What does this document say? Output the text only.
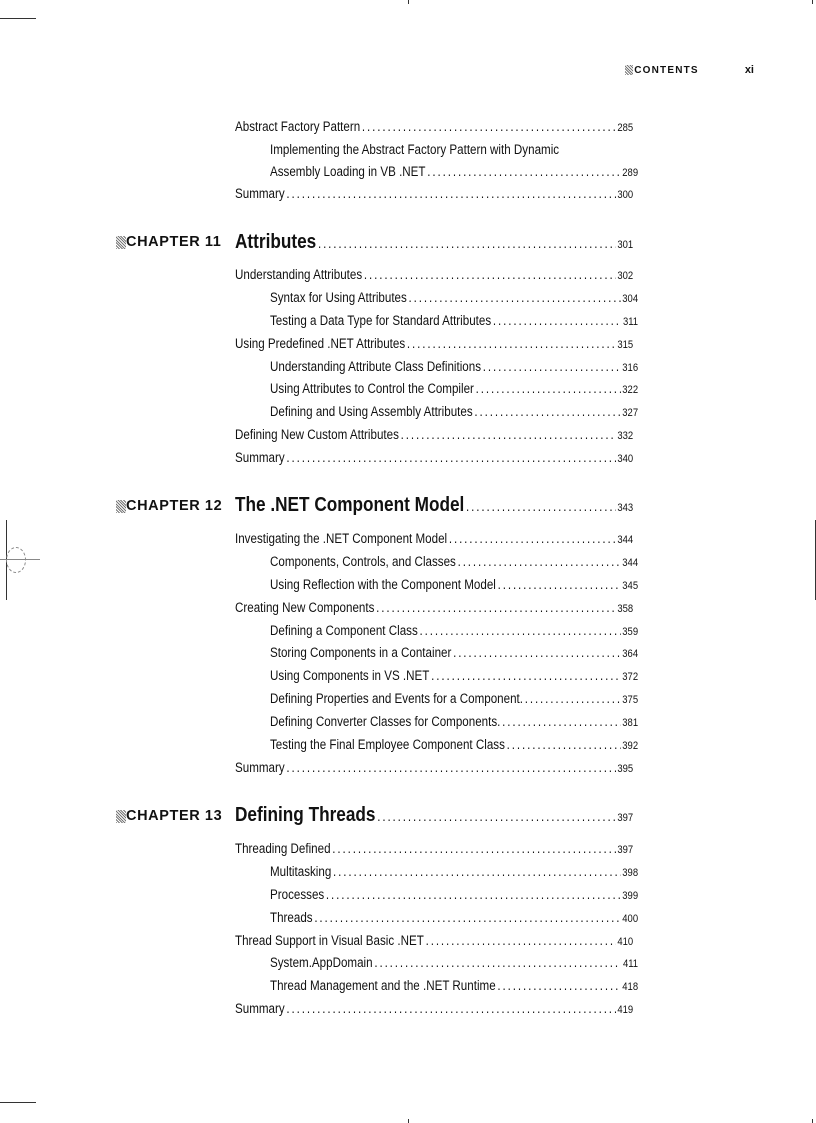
CONTENTS	xi
Abstract Factory Pattern .....	285
Implementing the Abstract Factory Pattern with Dynamic
Assembly Loading in VB .NET .....	289
Summary .....	300
CHAPTER 11 Attributes .....	301
Understanding Attributes .....	302
Syntax for Using Attributes .....	304
Testing a Data Type for Standard Attributes .....	311
Using Predefined .NET Attributes .....	315
Understanding Attribute Class Definitions .....	316
Using Attributes to Control the Compiler .....	322
Defining and Using Assembly Attributes .....	327
Defining New Custom Attributes .....	332
Summary .....	340
CHAPTER 12 The .NET Component Model .....	343
Investigating the .NET Component Model .....	344
Components, Controls, and Classes .....	344
Using Reflection with the Component Model .....	345
Creating New Components .....	358
Defining a Component Class .....	359
Storing Components in a Container .....	364
Using Components in VS .NET .....	372
Defining Properties and Events for a Component. .....	375
Defining Converter Classes for Components. .....	381
Testing the Final Employee Component Class .....	392
Summary .....	395
CHAPTER 13 Defining Threads .....	397
Threading Defined .....	397
Multitasking .....	398
Processes .....	399
Threads .....	400
Thread Support in Visual Basic .NET .....	410
System.AppDomain .....	411
Thread Management and the .NET Runtime .....	418
Summary .....	419
